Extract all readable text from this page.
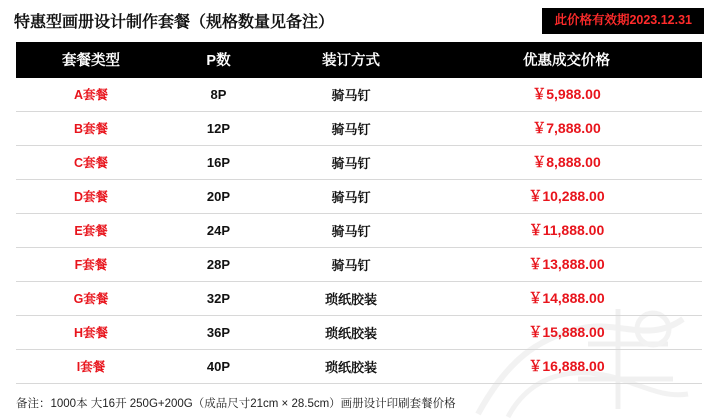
特惠型画册设计制作套餐（规格数量见备注）	此价格有效期2023.12.31
套餐类型	P数	装订方式	优惠成交价格
A套餐	8P	骑马钉	￥5,988.00
B套餐	12P	骑马钉	￥7,888.00
C套餐	16P	骑马钉	￥8,888.00
D套餐	20P	骑马钉	￥10,288.00
E套餐	24P	骑马钉	￥11,888.00
F套餐	28P	骑马钉	￥13,888.00
G套餐	32P	琐纸胶装	￥14,888.00
H套餐	36P	琐纸胶装	￥15,888.00
I套餐	40P	琐纸胶装	￥16,888.00
备注：1000本 大16开 250G+200G（成品尺寸21cm × 28.5cm）画册设计印刷套餐价格
